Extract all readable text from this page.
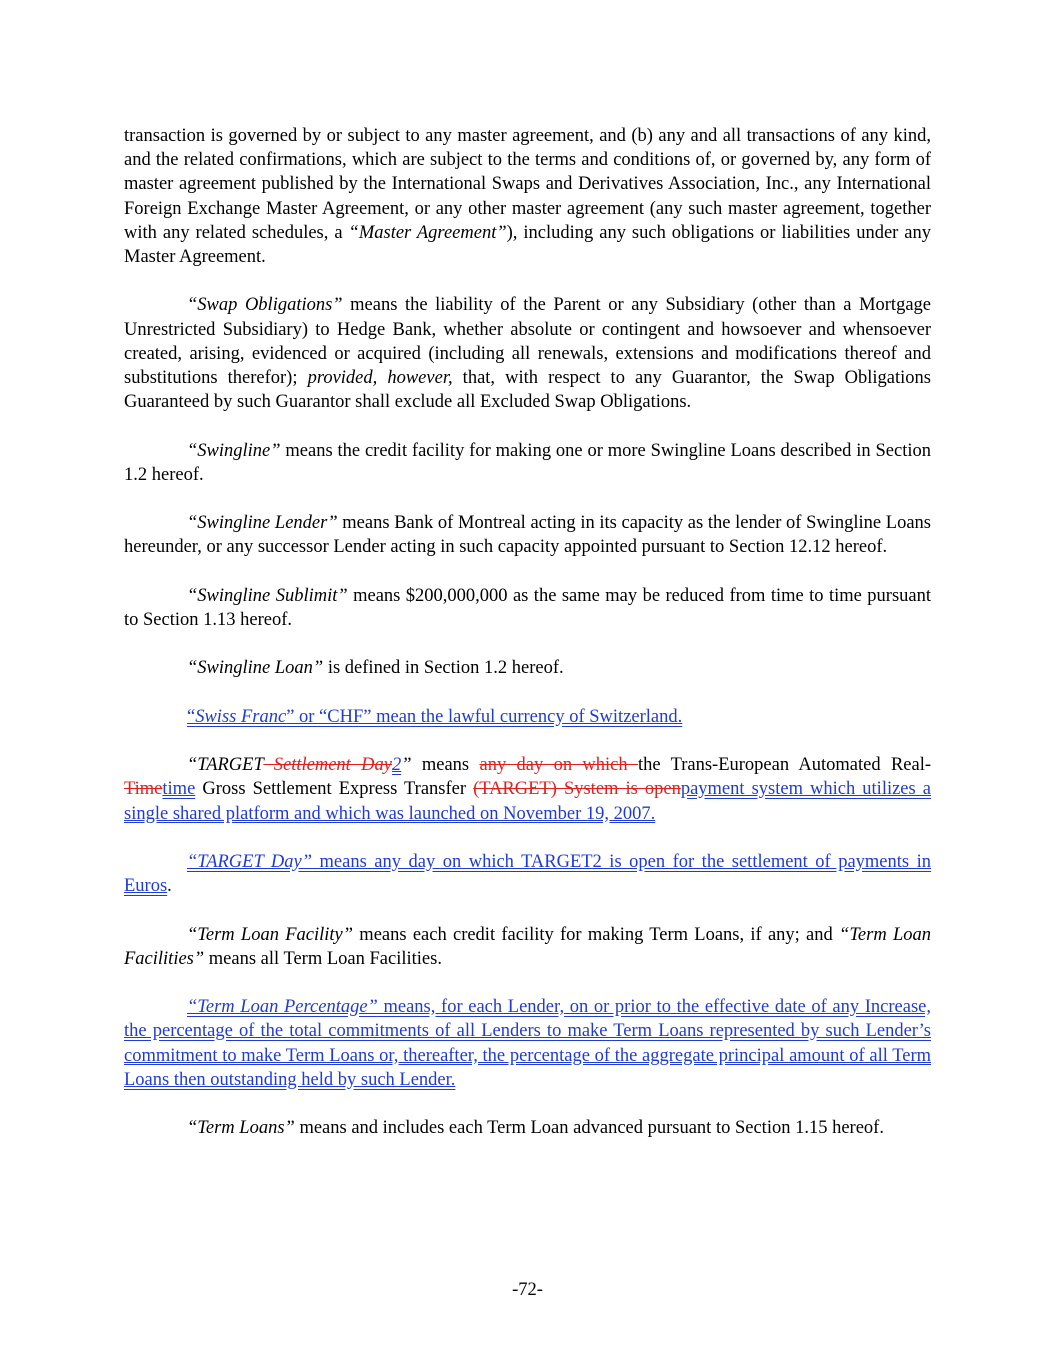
transaction is governed by or subject to any master agreement, and (b) any and all transactions of any kind, and the related confirmations, which are subject to the terms and conditions of, or governed by, any form of master agreement published by the International Swaps and Derivatives Association, Inc., any International Foreign Exchange Master Agreement, or any other master agreement (any such master agreement, together with any related schedules, a “Master Agreement”), including any such obligations or liabilities under any Master Agreement.

“Swap Obligations” means the liability of the Parent or any Subsidiary (other than a Mortgage Unrestricted Subsidiary) to Hedge Bank, whether absolute or contingent and howsoever and whensoever created, arising, evidenced or acquired (including all renewals, extensions and modifications thereof and substitutions therefor); provided, however, that, with respect to any Guarantor, the Swap Obligations Guaranteed by such Guarantor shall exclude all Excluded Swap Obligations.

“Swingline” means the credit facility for making one or more Swingline Loans described in Section 1.2 hereof.

“Swingline Lender” means Bank of Montreal acting in its capacity as the lender of Swingline Loans hereunder, or any successor Lender acting in such capacity appointed pursuant to Section 12.12 hereof.

“Swingline Sublimit” means $200,000,000 as the same may be reduced from time to time pursuant to Section 1.13 hereof.

“Swingline Loan” is defined in Section 1.2 hereof.

“Swiss Franc” or “CHF” mean the lawful currency of Switzerland.

“TARGET Settlement Day2” means any day on which the Trans-European Automated Real-Timetime Gross Settlement Express Transfer (TARGET) System is openpayment system which utilizes a single shared platform and which was launched on November 19, 2007.

“TARGET Day” means any day on which TARGET2 is open for the settlement of payments in Euros.

“Term Loan Facility” means each credit facility for making Term Loans, if any; and “Term Loan Facilities” means all Term Loan Facilities.

“Term Loan Percentage” means, for each Lender, on or prior to the effective date of any Increase, the percentage of the total commitments of all Lenders to make Term Loans represented by such Lender’s commitment to make Term Loans or, thereafter, the percentage of the aggregate principal amount of all Term Loans then outstanding held by such Lender.

“Term Loans” means and includes each Term Loan advanced pursuant to Section 1.15 hereof.

-72-
